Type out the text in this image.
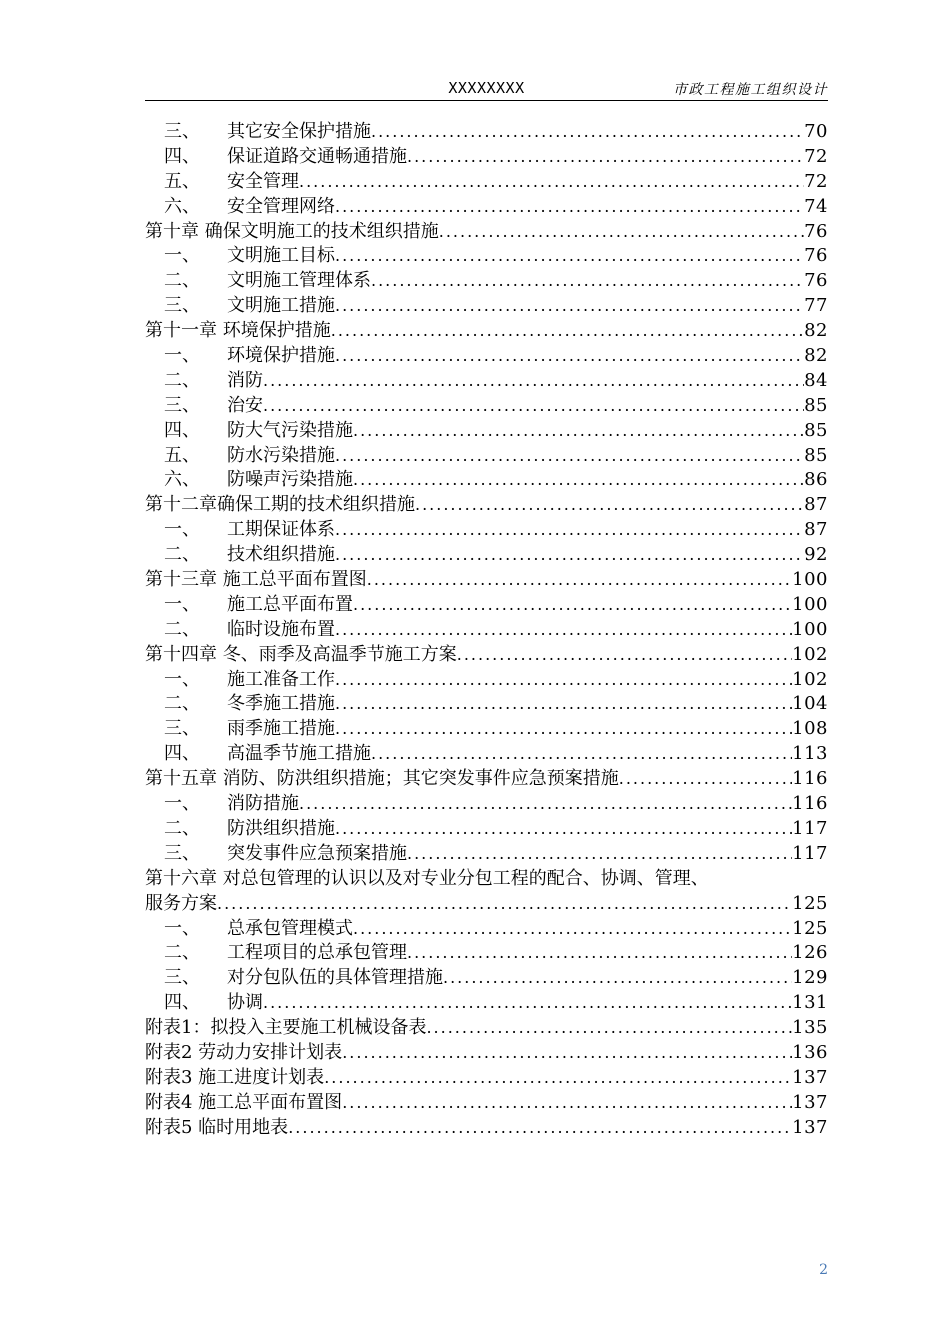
XXXXXXXX	市政工程施工组织设计
三、	其它安全保护措施 .....	70
四、	保证道路交通畅通措施 .....	72
五、	安全管理 .....	72
六、	安全管理网络 .....	74
第十章 确保文明施工的技术组织措施 .....	76
一、	文明施工目标 .....	76
二、	文明施工管理体系 .....	76
三、	文明施工措施 .....	77
第十一章 环境保护措施 .....	82
一、	环境保护措施 .....	82
二、	消防 .....	84
三、	治安 .....	85
四、	防大气污染措施 .....	85
五、	防水污染措施 .....	85
六、	防噪声污染措施 .....	86
第十二章确保工期的技术组织措施 .....	87
一、	工期保证体系 .....	87
二、	技术组织措施 .....	92
第十三章 施工总平面布置图 .....	100
一、	施工总平面布置 .....	100
二、	临时设施布置 .....	100
第十四章 冬、雨季及高温季节施工方案 .....	102
一、	施工准备工作 .....	102
二、	冬季施工措施 .....	104
三、	雨季施工措施 .....	108
四、	高温季节施工措施 .....	113
第十五章 消防、防洪组织措施；其它突发事件应急预案措施 .....	116
一、	消防措施 .....	116
二、	防洪组织措施 .....	117
三、	突发事件应急预案措施 .....	117
第十六章 对总包管理的认识以及对专业分包工程的配合、协调、管理、
服务方案 .....	125
一、	总承包管理模式 .....	125
二、	工程项目的总承包管理 .....	126
三、	对分包队伍的具体管理措施 .....	129
四、	协调 .....	131
附表1：拟投入主要施工机械设备表 .....	135
附表2 劳动力安排计划表 .....	136
附表3 施工进度计划表 .....	137
附表4 施工总平面布置图 .....	137
附表5 临时用地表 .....	137
2
